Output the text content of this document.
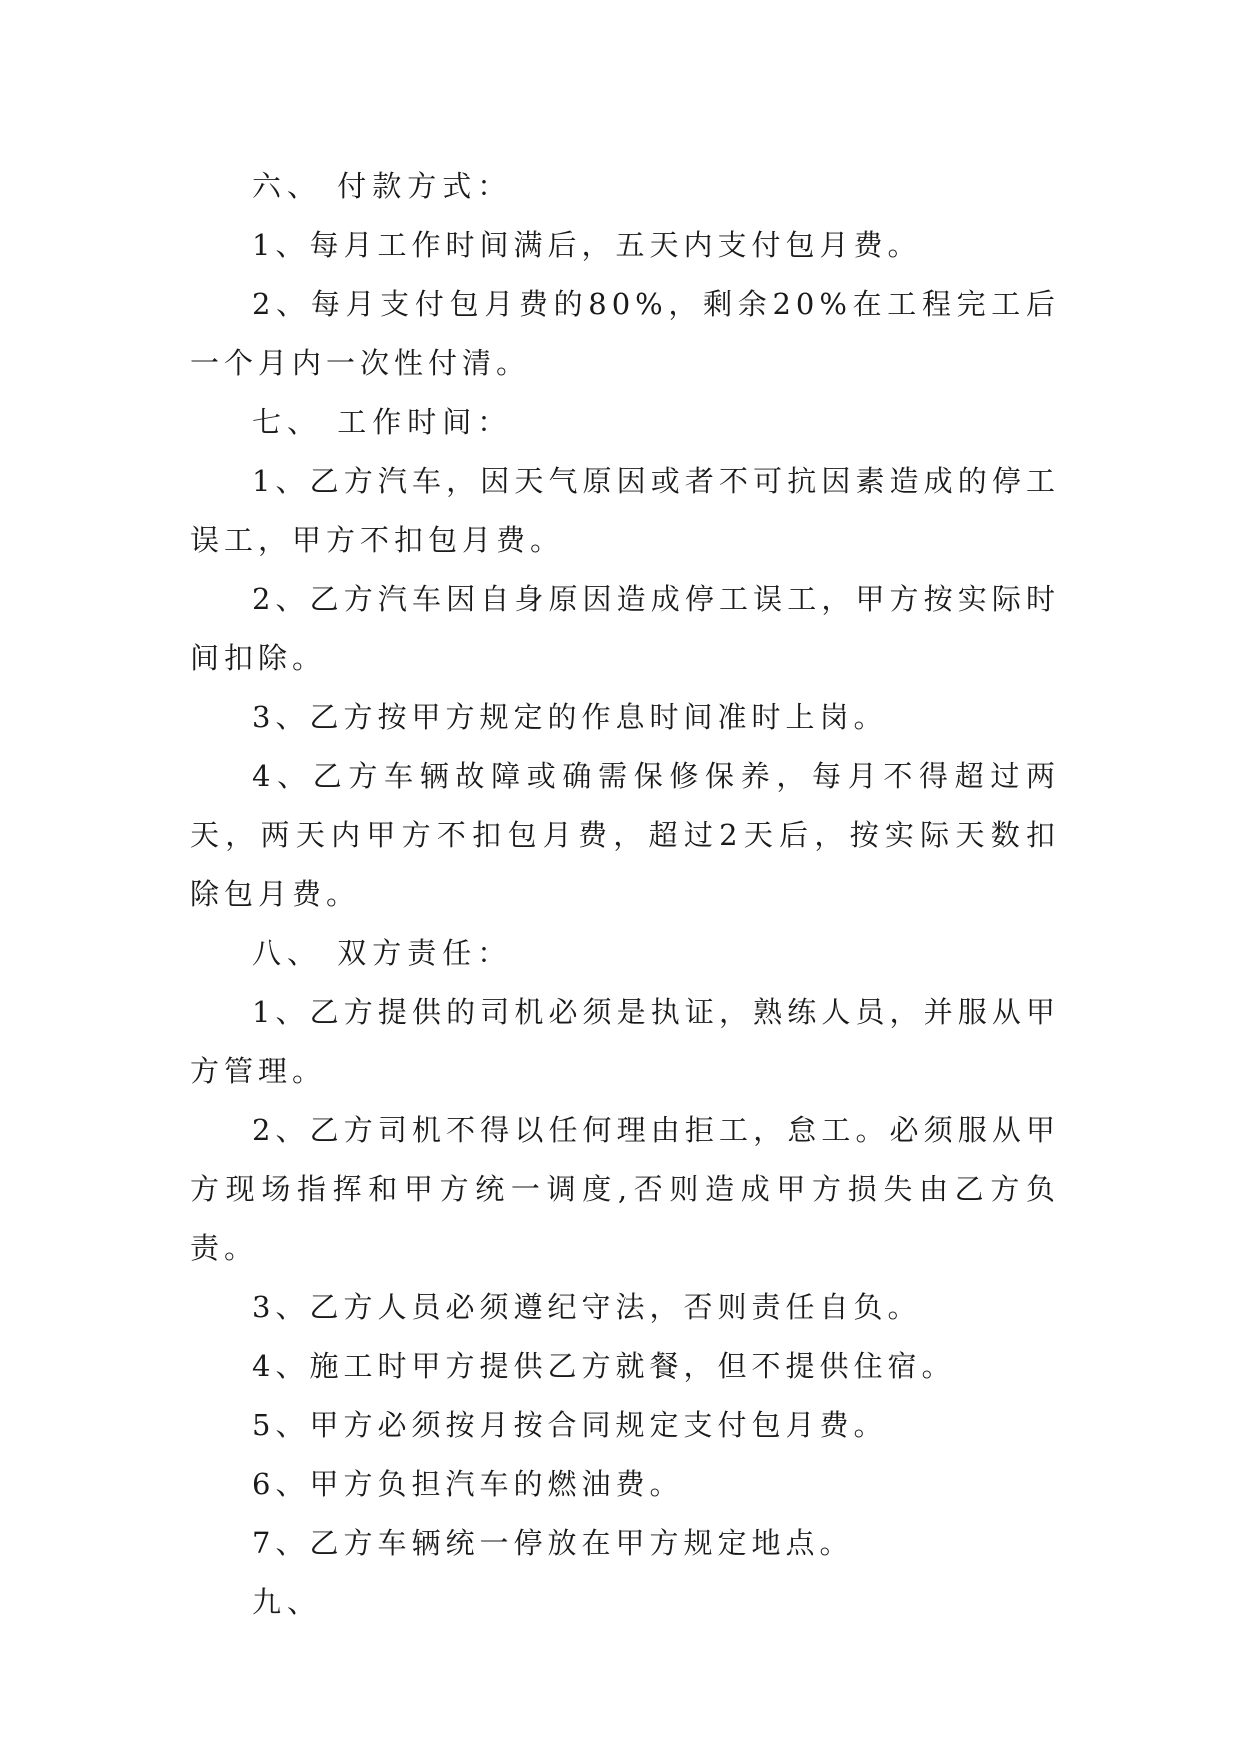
六、 付款方式：

1、每月工作时间满后，五天内支付包月费。

2、每月支付包月费的80%，剩余20%在工程完工后一个月内一次性付清。

七、 工作时间：

1、乙方汽车，因天气原因或者不可抗因素造成的停工误工，甲方不扣包月费。

2、乙方汽车因自身原因造成停工误工，甲方按实际时间扣除。

3、乙方按甲方规定的作息时间准时上岗。

4、乙方车辆故障或确需保修保养，每月不得超过两天，两天内甲方不扣包月费，超过2天后，按实际天数扣除包月费。

八、 双方责任：

1、乙方提供的司机必须是执证，熟练人员，并服从甲方管理。

2、乙方司机不得以任何理由拒工，怠工。必须服从甲方现场指挥和甲方统一调度,否则造成甲方损失由乙方负责。

3、乙方人员必须遵纪守法，否则责任自负。

4、施工时甲方提供乙方就餐，但不提供住宿。

5、甲方必须按月按合同规定支付包月费。

6、甲方负担汽车的燃油费。

7、乙方车辆统一停放在甲方规定地点。

九、
